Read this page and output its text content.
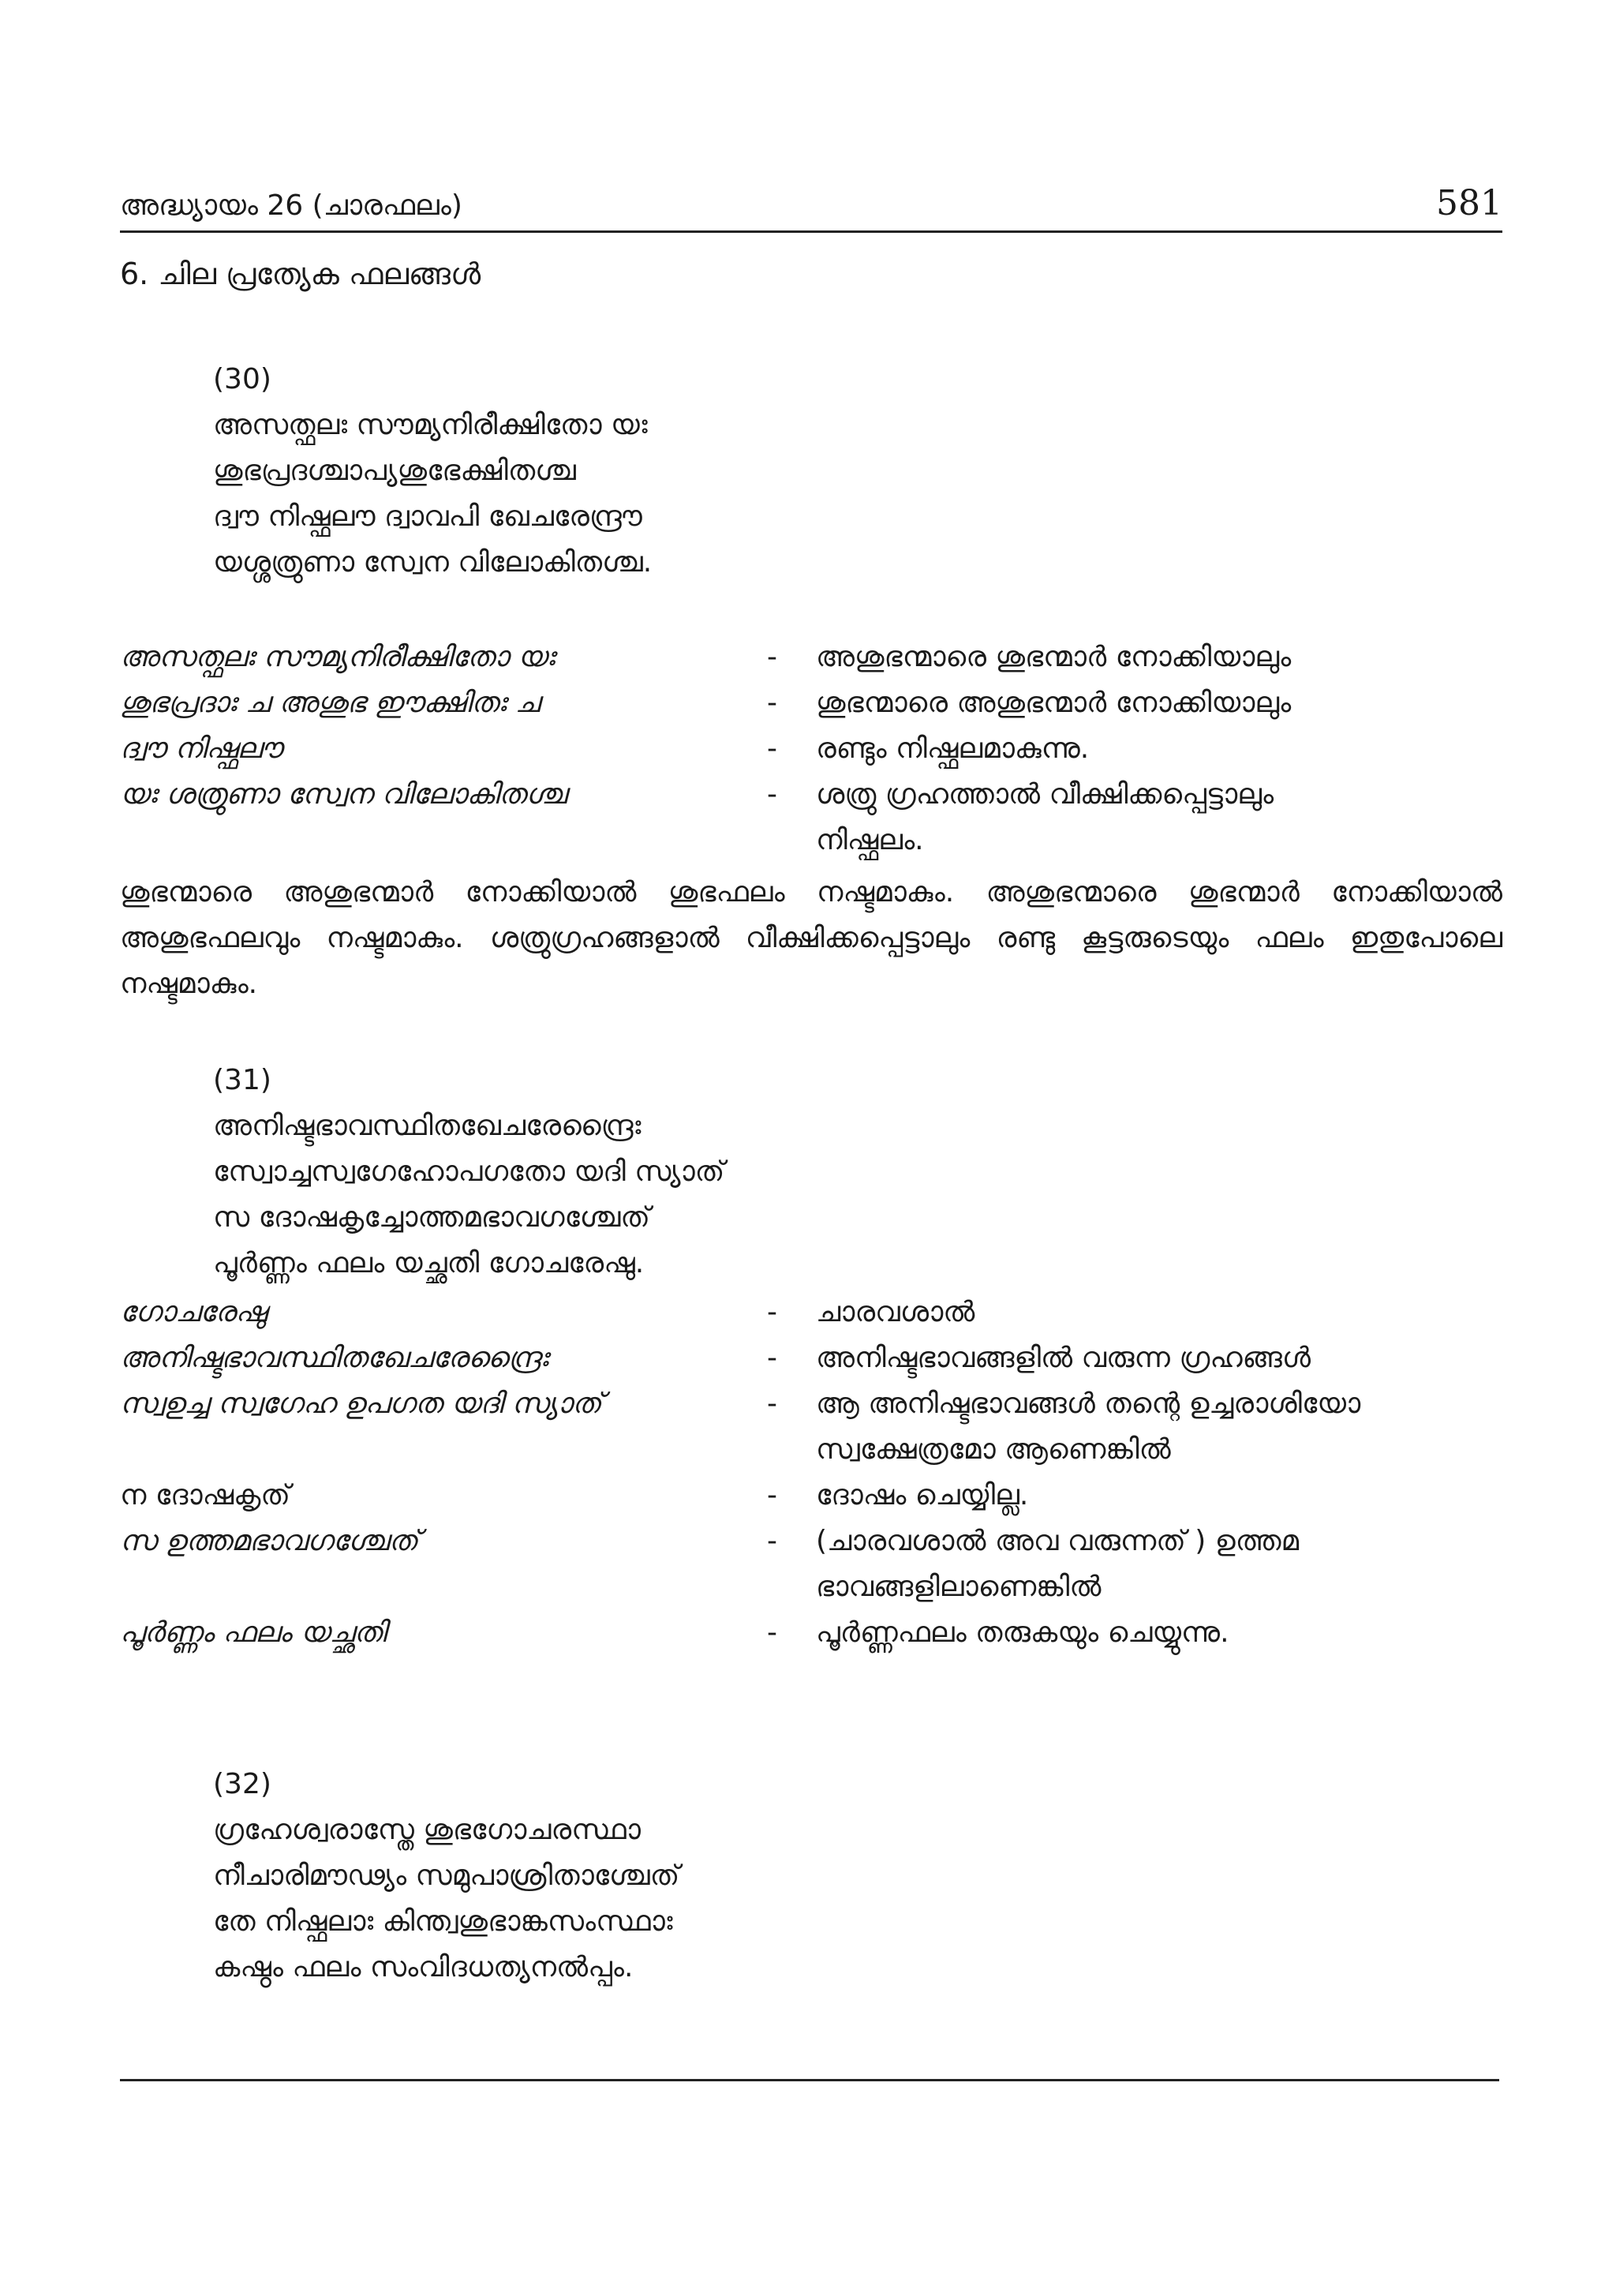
അദ്ധ്യായം 26 (ചാരഫലം)	581
6. ചില പ്രത്യേക ഫലങ്ങൾ
(30)
അസത്ഫലഃ സൗമ്യനിരീക്ഷിതോ യഃ
ശുഭപ്രദശ്ചാപ്യശുഭേക്ഷിതശ്ച
ദ്വൗ നിഷ്ഫലൗ ദ്വാവപി ഖേചരേന്ദ്രൗ
യശ്ശത്രുണാ സ്വേന വിലോകിതശ്ച.
അസത്ഫലഃ സൗമ്യനിരീക്ഷിതോ യഃ	- അശുഭന്മാരെ ശുഭന്മാർ നോക്കിയാലും
ശുഭപ്രദാഃ ച അശുഭ ഈക്ഷിതഃ ച	- ശുഭന്മാരെ അശുഭന്മാർ നോക്കിയാലും
ദ്വൗ നിഷ്ഫലൗ	- രണ്ടും നിഷ്ഫലമാകുന്നു.
യഃ ശത്രുണാ സ്വേന വിലോകിതശ്ച	- ശത്രു ഗ്രഹത്താൽ വീക്ഷിക്കപ്പെട്ടാലും
നിഷ്ഫലം.
ശുഭന്മാരെ അശുഭന്മാർ നോക്കിയാൽ ശുഭഫലം നഷ്ടമാകും. അശുഭന്മാരെ ശുഭന്മാർ നോക്കിയാൽ അശുഭഫലവും നഷ്ടമാകും. ശത്രുഗ്രഹങ്ങളാൽ വീക്ഷിക്കപ്പെട്ടാലും രണ്ടു കൂട്ടരുടെയും ഫലം ഇതുപോലെ നഷ്ടമാകും.
(31)
അനിഷ്ടഭാവസ്ഥിതഖേചരേന്ദ്രൈഃ
സ്വോച്ചസ്വഗേഹോപഗതോ യദി സ്യാത്
സ ദോഷകൃച്ചോത്തമഭാവഗശ്ചേത്
പൂർണ്ണം ഫലം യച്ഛതി ഗോചരേഷു.
ഗോചരേഷു	- ചാരവശാൽ
അനിഷ്ടഭാവസ്ഥിതഖേചരേന്ദ്രൈഃ	- അനിഷ്ടഭാവങ്ങളിൽ വരുന്ന ഗ്രഹങ്ങൾ
സ്വഉച്ച സ്വഗേഹ ഉപഗത യദി സ്യാത്	- ആ അനിഷ്ടഭാവങ്ങൾ തന്റെ ഉച്ചരാശിയോ
സ്വക്ഷേത്രമോ ആണെങ്കിൽ
ന ദോഷകൃത്	- ദോഷം ചെയ്യില്ല.
സ ഉത്തമഭാവഗശ്ചേത്	- (ചാരവശാൽ അവ വരുന്നത് ) ഉത്തമ
ഭാവങ്ങളിലാണെങ്കിൽ
പൂർണ്ണം ഫലം യച്ഛതി	- പൂർണ്ണഫലം തരുകയും ചെയ്യുന്നു.
(32)
ഗ്രഹേശ്വരാസ്തേ ശുഭഗോചരസ്ഥാ
നീചാരിമൗഢ്യം സമുപാശ്രിതാശ്ചേത്
തേ നിഷ്ഫലാഃ കിന്ത്വശുഭാങ്കസംസ്ഥാഃ
കഷ്ഠം ഫലം സംവിദധത്യനൽപ്പം.
